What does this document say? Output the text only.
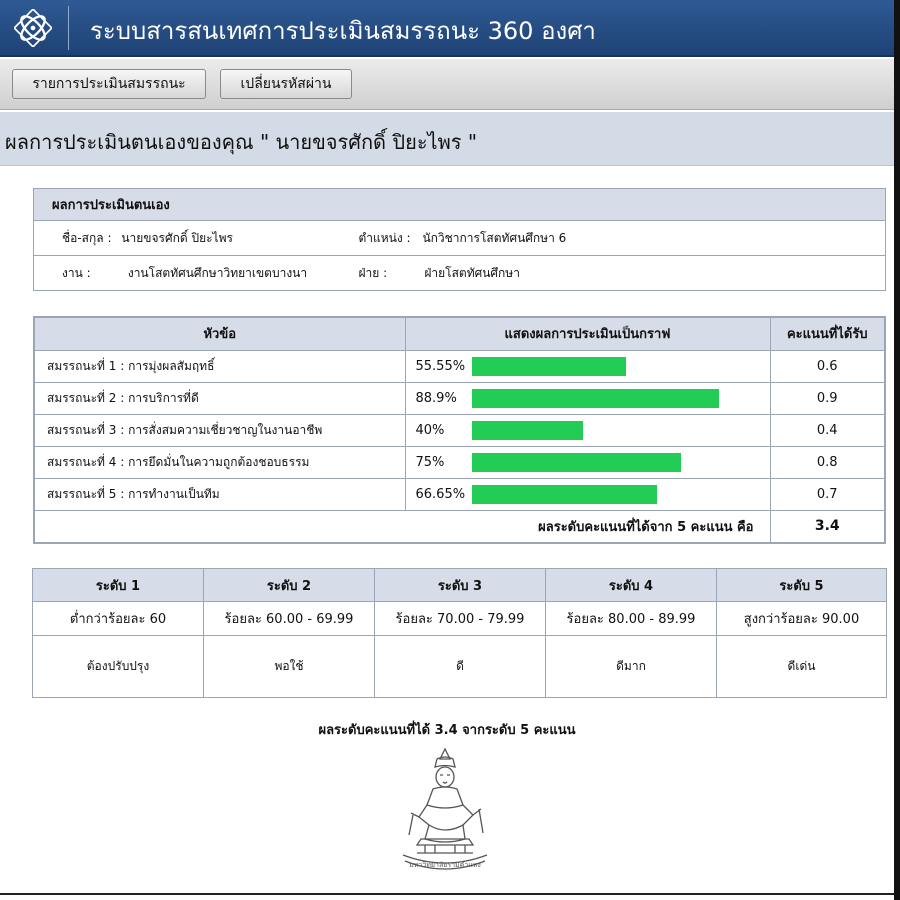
ระบบสารสนเทศการประเมินสมรรถนะ 360 องศา
รายการประเมินสมรรถนะ	เปลี่ยนรหัสผ่าน
ผลการประเมินตนเองของคุณ " นายขจรศักดิ์ ปิยะไพร "
ผลการประเมินตนเอง	
ชื่อ-สกุล : นายขจรศักดิ์ ปิยะไพร	ตำแหน่ง : นักวิชาการโสตทัศนศึกษา 6
งาน : งานโสตทัศนศึกษาวิทยาเขตบางนา	ฝ่าย : ฝ่ายโสตทัศนศึกษา
หัวข้อ	แสดงผลการประเมินเป็นกราฟ	คะแนนที่ได้รับ
สมรรถนะที่ 1 : การมุ่งผลสัมฤทธิ์	55.55%	0.6
สมรรถนะที่ 2 : การบริการที่ดี	88.9%	0.9
สมรรถนะที่ 3 : การสั่งสมความเชี่ยวชาญในงานอาชีพ	40%	0.4
สมรรถนะที่ 4 : การยึดมั่นในความถูกต้องชอบธรรม	75%	0.8
สมรรถนะที่ 5 : การทำงานเป็นทีม	66.65%	0.7
ผลระดับคะแนนที่ได้จาก 5 คะแนน คือ		3.4
ระดับ 1	ระดับ 2	ระดับ 3	ระดับ 4	ระดับ 5
ต่ำกว่าร้อยละ 60	ร้อยละ 60.00 - 69.99	ร้อยละ 70.00 - 79.99	ร้อยละ 80.00 - 89.99	สูงกว่าร้อยละ 90.00
ต้องปรับปรุง	พอใช้	ดี	ดีมาก	ดีเด่น
ผลระดับคะแนนที่ได้ 3.4 จากระดับ 5 คะแนน
มหาวิทยาลัยรามคำแหง
